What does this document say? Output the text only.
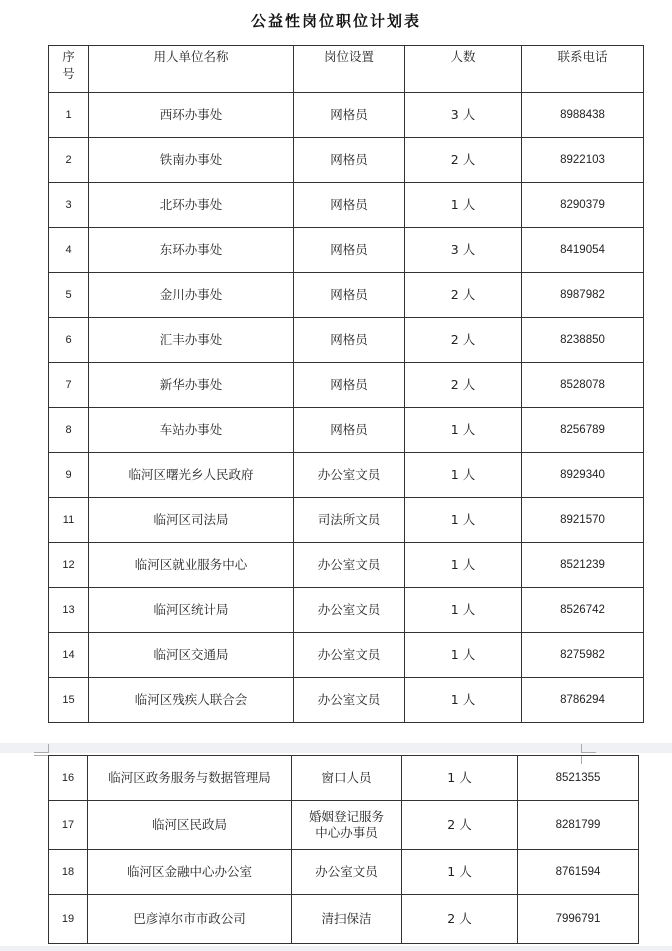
公益性岗位职位计划表
序
号	用人单位名称	岗位设置	人数	联系电话
1	西环办事处	网格员	3 人	8988438
2	铁南办事处	网格员	2 人	8922103
3	北环办事处	网格员	1 人	8290379
4	东环办事处	网格员	3 人	8419054
5	金川办事处	网格员	2 人	8987982
6	汇丰办事处	网格员	2 人	8238850
7	新华办事处	网格员	2 人	8528078
8	车站办事处	网格员	1 人	8256789
9	临河区曙光乡人民政府	办公室文员	1 人	8929340
11	临河区司法局	司法所文员	1 人	8921570
12	临河区就业服务中心	办公室文员	1 人	8521239
13	临河区统计局	办公室文员	1 人	8526742
14	临河区交通局	办公室文员	1 人	8275982
15	临河区残疾人联合会	办公室文员	1 人	8786294
16	临河区政务服务与数据管理局	窗口人员	1 人	8521355
17	临河区民政局	婚姻登记服务
中心办事员	2 人	8281799
18	临河区金融中心办公室	办公室文员	1 人	8761594
19	巴彦淖尔市市政公司	清扫保洁	2 人	7996791
